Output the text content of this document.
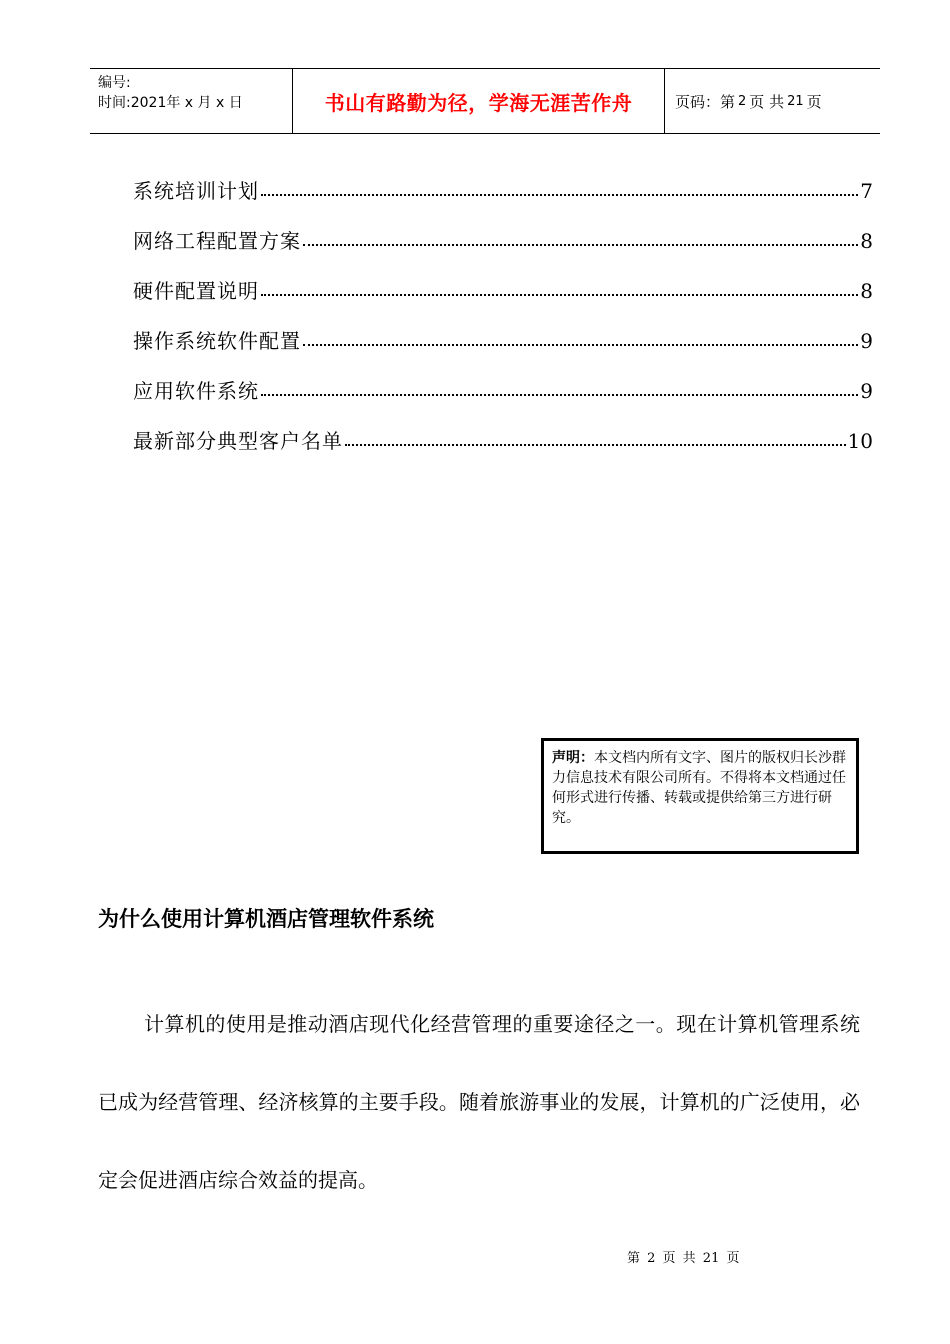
编号:
时间:2021年 x 月 x 日	书山有路勤为径，学海无涯苦作舟	页码：第 2 页 共 21 页
系统培训计划	7
网络工程配置方案	8
硬件配置说明	8
操作系统软件配置	9
应用软件系统	9
最新部分典型客户名单	10
声明：本文档内所有文字、图片的版权归长沙群力信息技术有限公司所有。不得将本文档通过任何形式进行传播、转载或提供给第三方进行研究。
为什么使用计算机酒店管理软件系统
计算机的使用是推动酒店现代化经营管理的重要途径之一。现在计算机管理系统已成为经营管理、经济核算的主要手段。随着旅游事业的发展，计算机的广泛使用，必定会促进酒店综合效益的提高。
第 2 页 共 21 页
